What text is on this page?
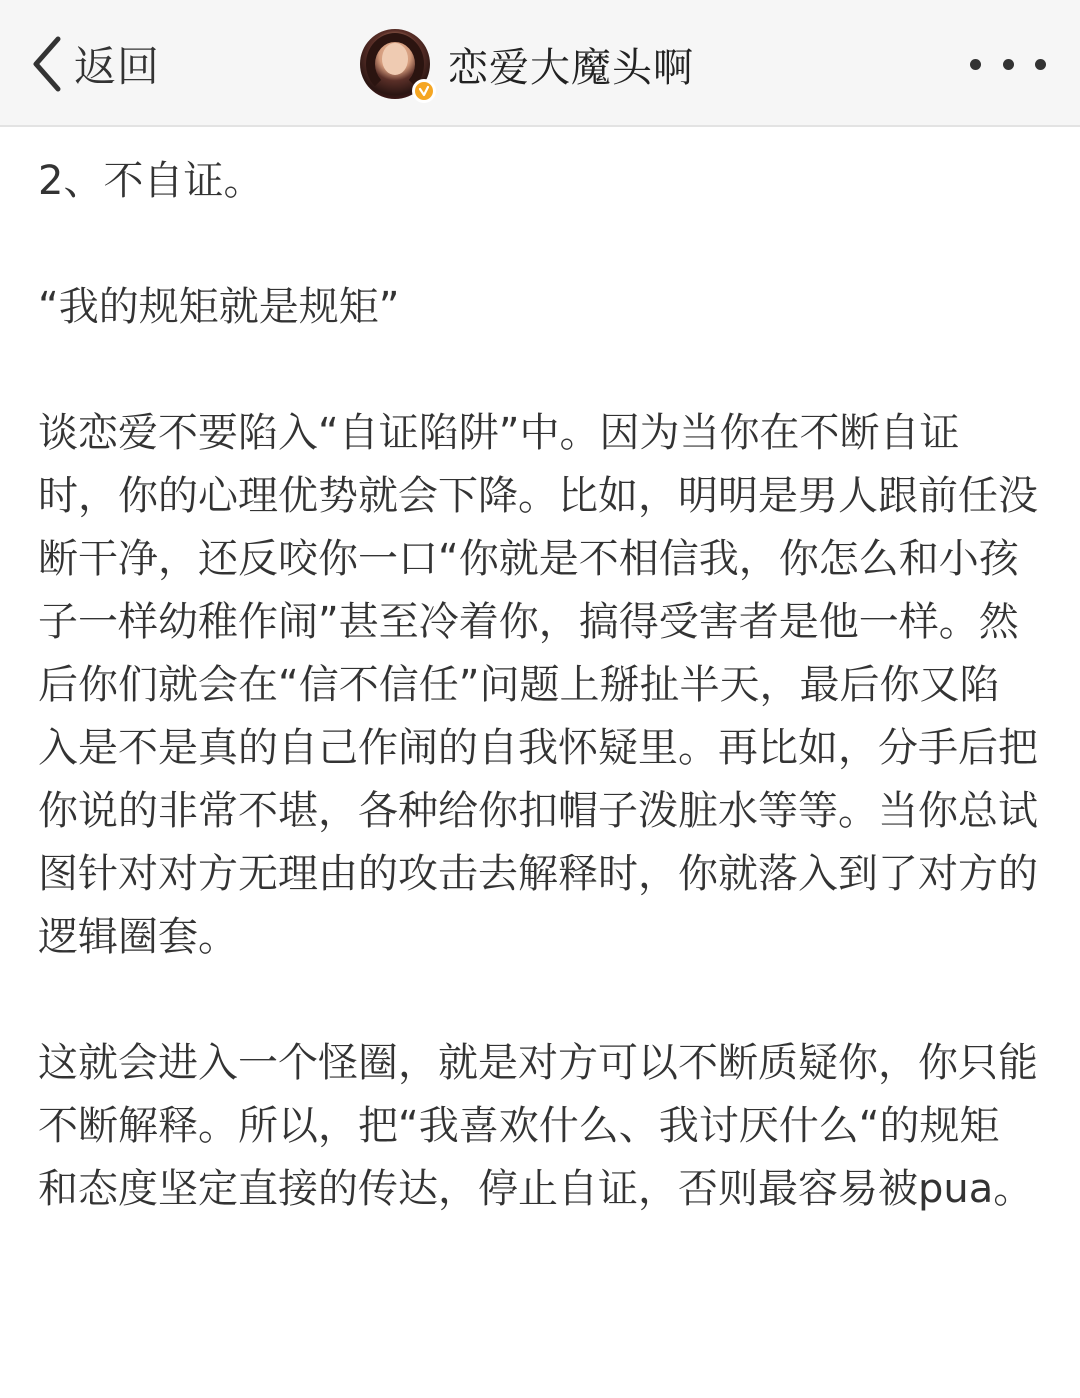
返回	恋爱大魔头啊

2、不自证。

“我的规矩就是规矩”

谈恋爱不要陷入“自证陷阱”中。因为当你在不断自证时，你的心理优势就会下降。比如，明明是男人跟前任没断干净，还反咬你一口“你就是不相信我，你怎么和小孩子一样幼稚作闹”甚至冷着你，搞得受害者是他一样。然后你们就会在“信不信任”问题上掰扯半天，最后你又陷入是不是真的自己作闹的自我怀疑里。再比如，分手后把你说的非常不堪，各种给你扣帽子泼脏水等等。当你总试图针对对方无理由的攻击去解释时，你就落入到了对方的逻辑圈套。

这就会进入一个怪圈，就是对方可以不断质疑你，你只能不断解释。所以，把“我喜欢什么、我讨厌什么“的规矩和态度坚定直接的传达，停止自证，否则最容易被pua。
